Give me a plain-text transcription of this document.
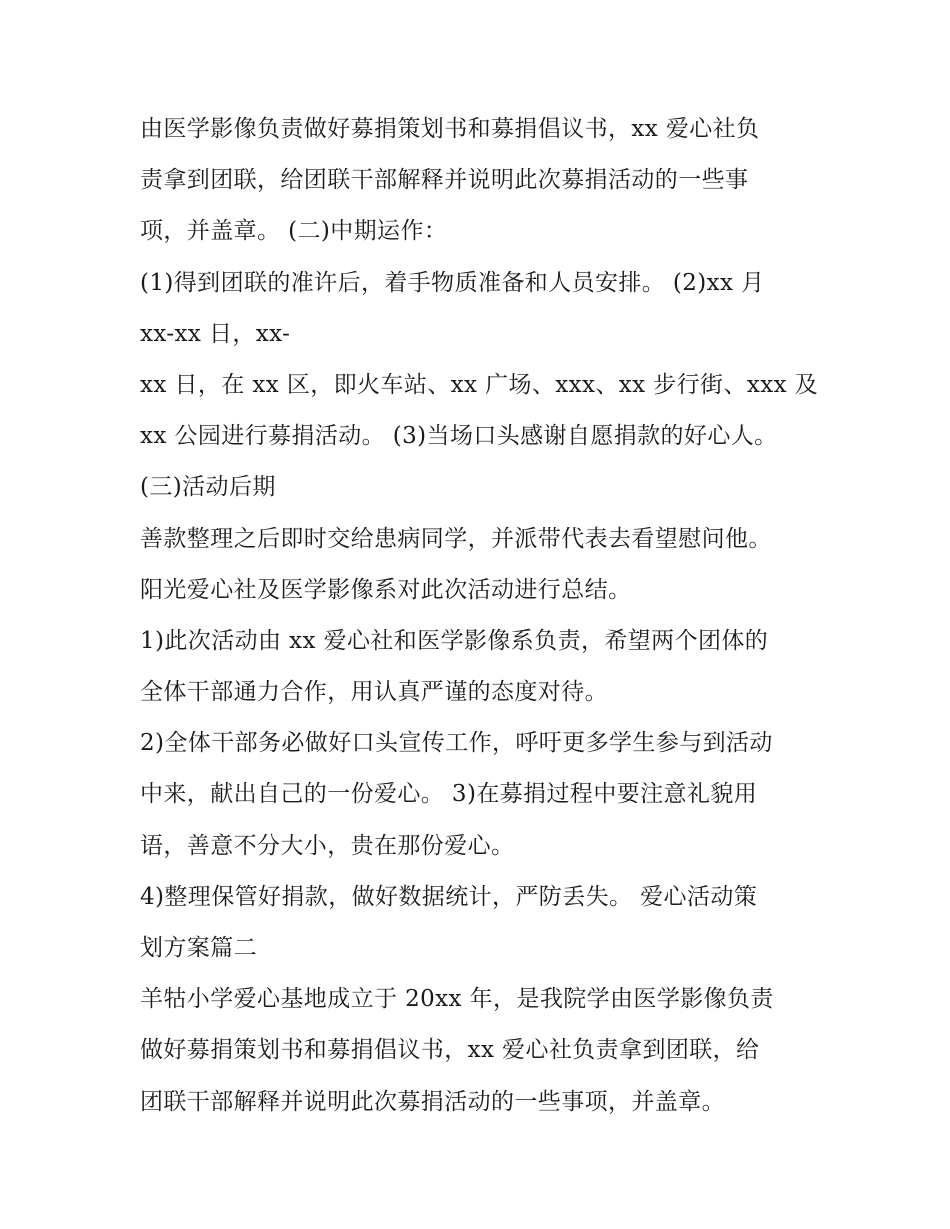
由医学影像负责做好募捐策划书和募捐倡议书，xx 爱心社负
责拿到团联，给团联干部解释并说明此次募捐活动的一些事
项，并盖章。 (二)中期运作：
(1)得到团联的准许后，着手物质准备和人员安排。 (2)xx 月
xx-xx 日，xx-
xx 日，在 xx 区，即火车站、xx 广场、xxx、xx 步行街、xxx 及
xx 公园进行募捐活动。 (3)当场口头感谢自愿捐款的好心人。
(三)活动后期
善款整理之后即时交给患病同学，并派带代表去看望慰问他。
阳光爱心社及医学影像系对此次活动进行总结。
1)此次活动由 xx 爱心社和医学影像系负责，希望两个团体的
全体干部通力合作，用认真严谨的态度对待。
2)全体干部务必做好口头宣传工作，呼吁更多学生参与到活动
中来，献出自己的一份爱心。 3)在募捐过程中要注意礼貌用
语，善意不分大小，贵在那份爱心。
4)整理保管好捐款，做好数据统计，严防丢失。 爱心活动策
划方案篇二
羊牯小学爱心基地成立于 20xx 年，是我院学由医学影像负责
做好募捐策划书和募捐倡议书，xx 爱心社负责拿到团联，给
团联干部解释并说明此次募捐活动的一些事项，并盖章。
